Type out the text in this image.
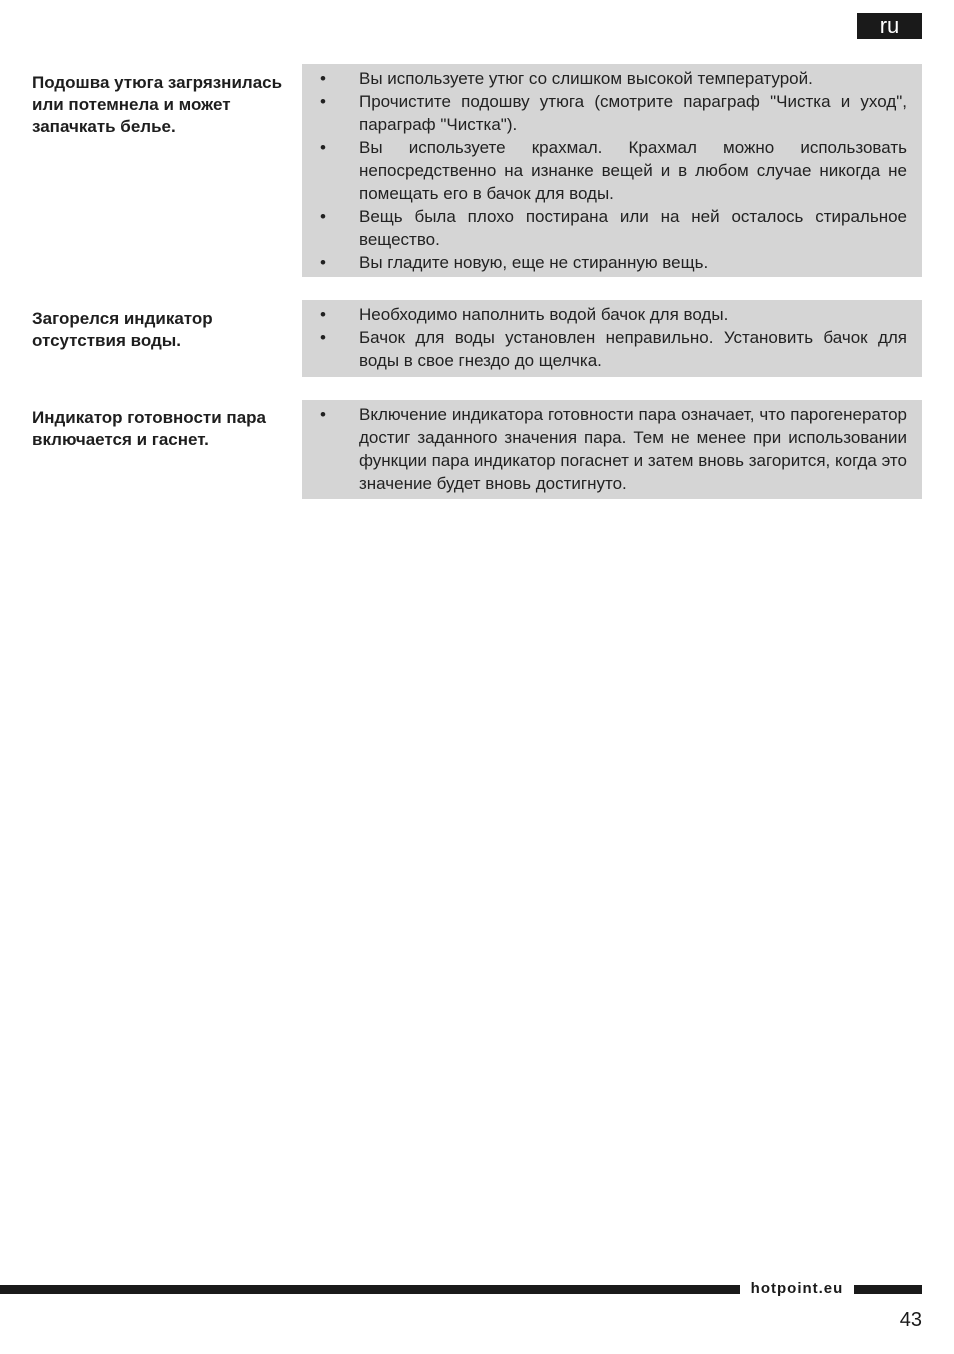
ru
Подошва утюга загрязнилась или потемнела и может запачкать белье.
• Вы используете утюг со слишком высокой температурой.
• Прочистите подошву утюга (смотрите параграф "Чистка и уход", параграф "Чистка").
• Вы используете крахмал. Крахмал можно использовать непосредственно на изнанке вещей и в любом случае никогда не помещать его в бачок для воды.
• Вещь была плохо постирана или на ней осталось стиральное вещество.
• Вы гладите новую, еще не стиранную вещь.
Загорелся индикатор отсутствия воды.
• Необходимо наполнить водой бачок для воды.
• Бачок для воды установлен неправильно. Установить бачок для воды в свое гнездо до щелчка.
Индикатор готовности пара включается и гаснет.
• Включение индикатора готовности пара означает, что парогенератор достиг заданного значения пара. Тем не менее при использовании функции пара индикатор погаснет и затем вновь загорится, когда это значение будет вновь достигнуто.
hotpoint.eu
43
